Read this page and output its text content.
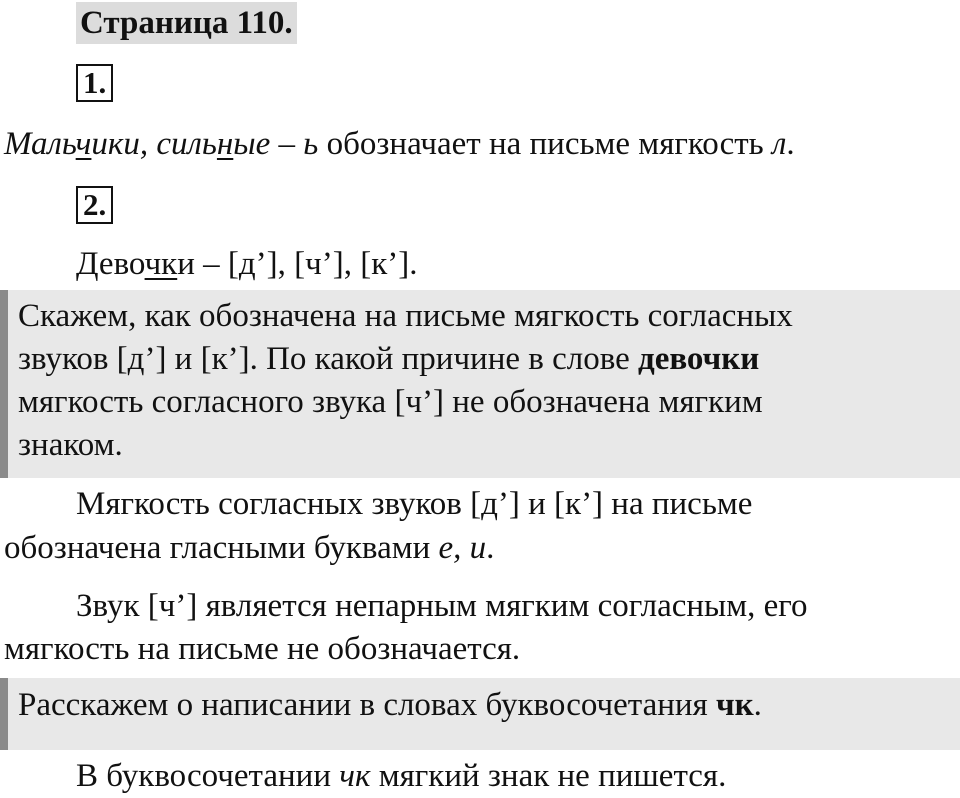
Страница 110.
1.
Мальчики, сильные – ь обозначает на письме мягкость л.
2.
Девочки – [д’], [ч’], [к’].
Скажем, как обозначена на письме мягкость согласных
звуков [д’] и [к’]. По какой причине в слове девочки
мягкость согласного звука [ч’] не обозначена мягким
знаком.
Мягкость согласных звуков [д’] и [к’] на письме
обозначена гласными буквами е, и.
Звук [ч’] является непарным мягким согласным, его
мягкость на письме не обозначается.
Расскажем о написании в словах буквосочетания чк.
В буквосочетании чк мягкий знак не пишется.
